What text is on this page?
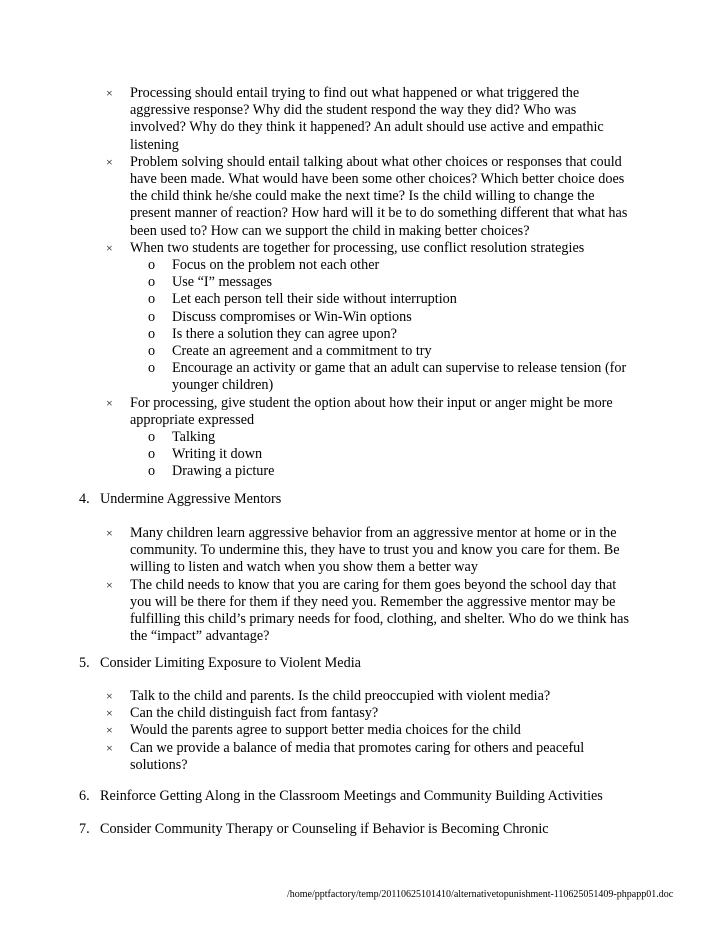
× Processing should entail trying to find out what happened or what triggered the
aggressive response? Why did the student respond the way they did? Who was
involved? Why do they think it happened? An adult should use active and empathic
listening
× Problem solving should entail talking about what other choices or responses that could
have been made. What would have been some other choices? Which better choice does
the child think he/she could make the next time? Is the child willing to change the
present manner of reaction? How hard will it be to do something different that what has
been used to? How can we support the child in making better choices?
× When two students are together for processing, use conflict resolution strategies
o Focus on the problem not each other
o Use “I” messages
o Let each person tell their side without interruption
o Discuss compromises or Win-Win options
o Is there a solution they can agree upon?
o Create an agreement and a commitment to try
o Encourage an activity or game that an adult can supervise to release tension (for
younger children)
× For processing, give student the option about how their input or anger might be more
appropriate expressed
o Talking
o Writing it down
o Drawing a picture
4. Undermine Aggressive Mentors
× Many children learn aggressive behavior from an aggressive mentor at home or in the
community. To undermine this, they have to trust you and know you care for them. Be
willing to listen and watch when you show them a better way
× The child needs to know that you are caring for them goes beyond the school day that
you will be there for them if they need you. Remember the aggressive mentor may be
fulfilling this child’s primary needs for food, clothing, and shelter. Who do we think has
the “impact” advantage?
5. Consider Limiting Exposure to Violent Media
× Talk to the child and parents. Is the child preoccupied with violent media?
× Can the child distinguish fact from fantasy?
× Would the parents agree to support better media choices for the child
× Can we provide a balance of media that promotes caring for others and peaceful
solutions?
6. Reinforce Getting Along in the Classroom Meetings and Community Building Activities
7. Consider Community Therapy or Counseling if Behavior is Becoming Chronic
/home/pptfactory/temp/20110625101410/alternativetopunishment-110625051409-phpapp01.doc
